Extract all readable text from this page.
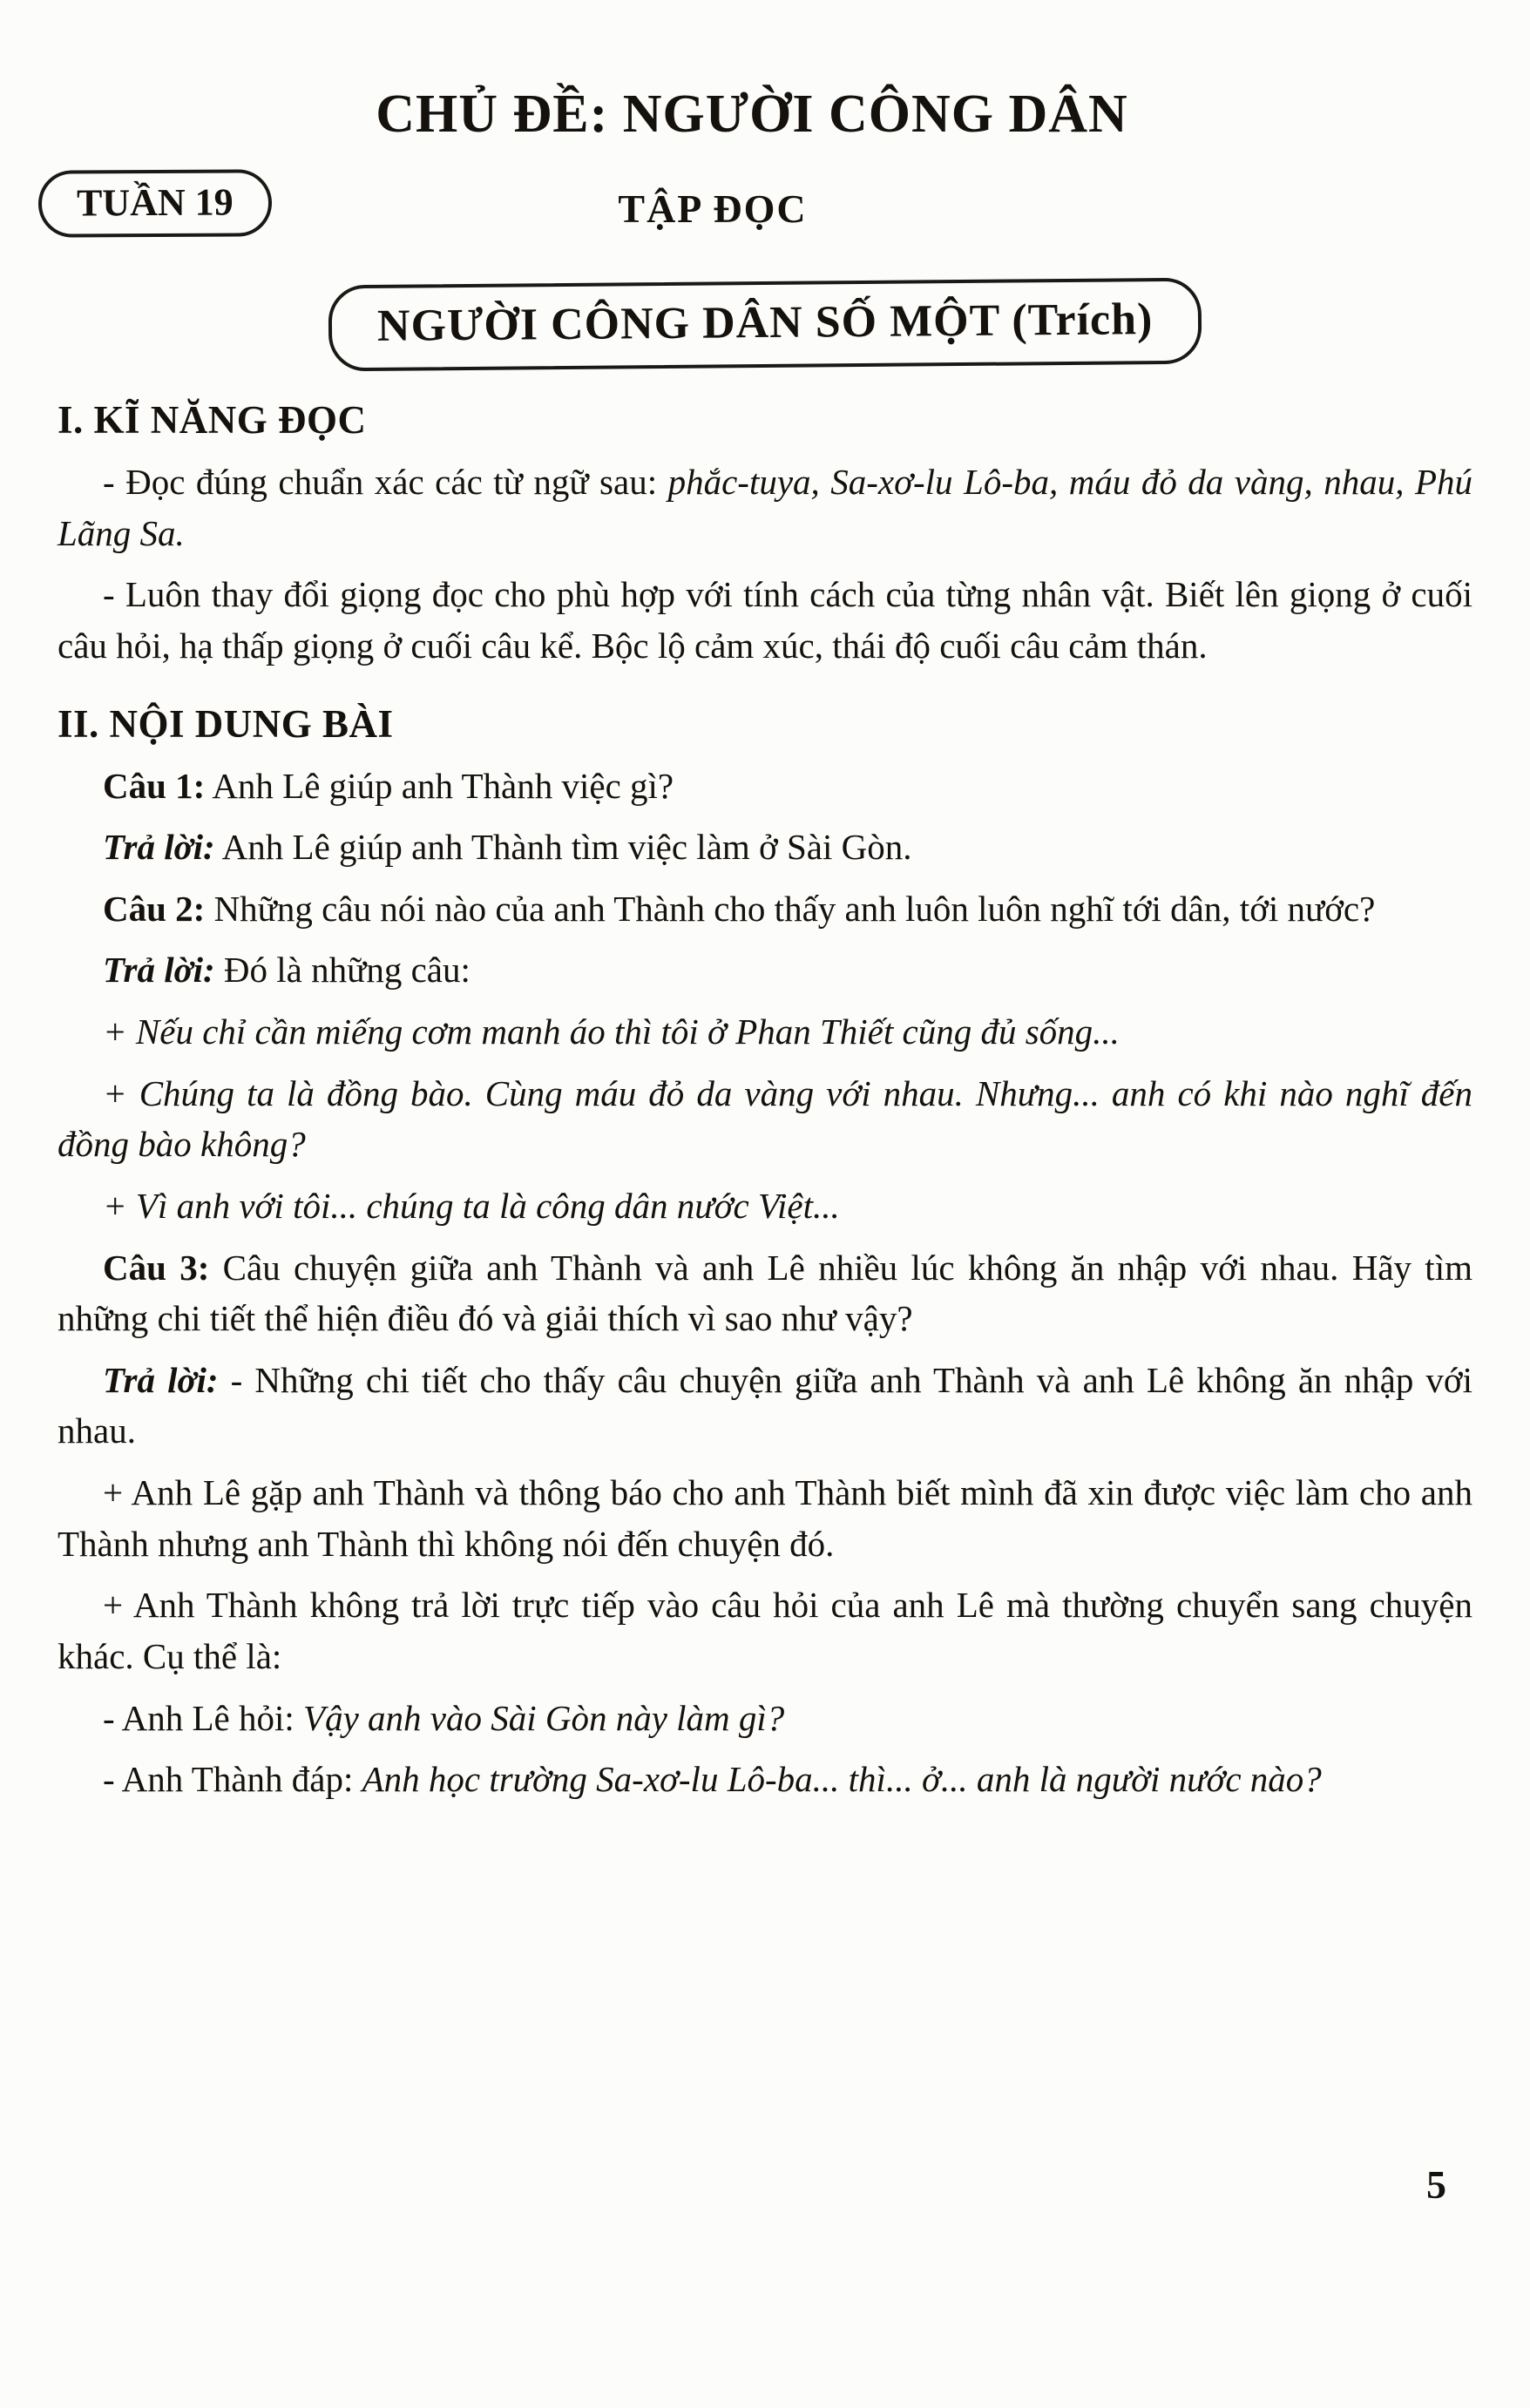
CHỦ ĐỀ: NGƯỜI CÔNG DÂN
TUẦN 19	TẬP ĐỌC
NGƯỜI CÔNG DÂN SỐ MỘT (Trích)
I. KĨ NĂNG ĐỌC

- Đọc đúng chuẩn xác các từ ngữ sau: phắc-tuya, Sa-xơ-lu Lô-ba, máu đỏ da vàng, nhau, Phú Lãng Sa.

- Luôn thay đổi giọng đọc cho phù hợp với tính cách của từng nhân vật. Biết lên giọng ở cuối câu hỏi, hạ thấp giọng ở cuối câu kể. Bộc lộ cảm xúc, thái độ cuối câu cảm thán.

II. NỘI DUNG BÀI

Câu 1: Anh Lê giúp anh Thành việc gì?

Trả lời: Anh Lê giúp anh Thành tìm việc làm ở Sài Gòn.

Câu 2: Những câu nói nào của anh Thành cho thấy anh luôn luôn nghĩ tới dân, tới nước?

Trả lời: Đó là những câu:

+ Nếu chỉ cần miếng cơm manh áo thì tôi ở Phan Thiết cũng đủ sống...

+ Chúng ta là đồng bào. Cùng máu đỏ da vàng với nhau. Nhưng... anh có khi nào nghĩ đến đồng bào không?

+ Vì anh với tôi... chúng ta là công dân nước Việt...

Câu 3: Câu chuyện giữa anh Thành và anh Lê nhiều lúc không ăn nhập với nhau. Hãy tìm những chi tiết thể hiện điều đó và giải thích vì sao như vậy?

Trả lời: - Những chi tiết cho thấy câu chuyện giữa anh Thành và anh Lê không ăn nhập với nhau.

+ Anh Lê gặp anh Thành và thông báo cho anh Thành biết mình đã xin được việc làm cho anh Thành nhưng anh Thành thì không nói đến chuyện đó.

+ Anh Thành không trả lời trực tiếp vào câu hỏi của anh Lê mà thường chuyển sang chuyện khác. Cụ thể là:

- Anh Lê hỏi: Vậy anh vào Sài Gòn này làm gì?

- Anh Thành đáp: Anh học trường Sa-xơ-lu Lô-ba... thì... ở... anh là người nước nào?

5
